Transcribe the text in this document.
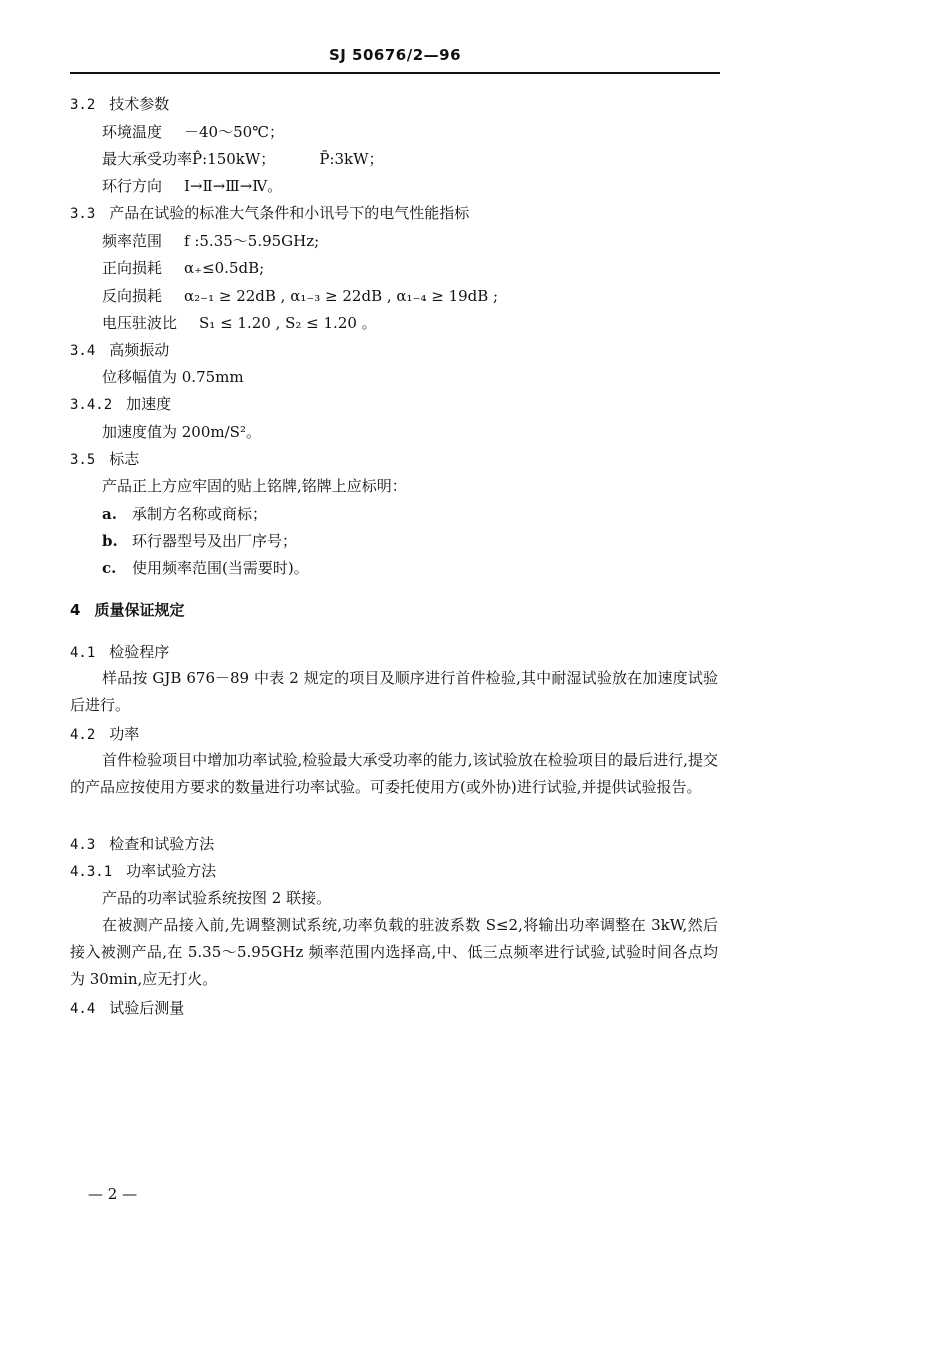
SJ 50676/2—96
3.2 技术参数
环境温度 －40～50℃；
最大承受功率P̂:150kW；	P̄:3kW；
环行方向 Ⅰ→Ⅱ→Ⅲ→Ⅳ。
3.3 产品在试验的标准大气条件和小讯号下的电气性能指标
频率范围 f :5.35～5.95GHz;
正向损耗 α₊≤0.5dB;
反向损耗 α₂₋₁ ≥ 22dB , α₁₋₃ ≥ 22dB , α₁₋₄ ≥ 19dB ;
电压驻波比 S₁ ≤ 1.20 , S₂ ≤ 1.20 。
3.4 高频振动
位移幅值为 0.75mm
3.4.2 加速度
加速度值为 200m/S²。
3.5 标志
产品正上方应牢固的贴上铭牌,铭牌上应标明：
a. 承制方名称或商标；
b. 环行器型号及出厂序号；
c. 使用频率范围(当需要时)。
4 质量保证规定
4.1 检验程序
样品按 GJB 676－89 中表 2 规定的项目及顺序进行首件检验,其中耐湿试验放在加速度试验后进行。
4.2 功率
首件检验项目中增加功率试验,检验最大承受功率的能力,该试验放在检验项目的最后进行,提交的产品应按使用方要求的数量进行功率试验。可委托使用方(或外协)进行试验,并提供试验报告。
4.3 检查和试验方法
4.3.1 功率试验方法
产品的功率试验系统按图 2 联接。
在被测产品接入前,先调整测试系统,功率负载的驻波系数 S≤2,将输出功率调整在 3kW,然后接入被测产品,在 5.35～5.95GHz 频率范围内选择高,中、低三点频率进行试验,试验时间各点均为 30min,应无打火。
4.4 试验后测量
— 2 —
